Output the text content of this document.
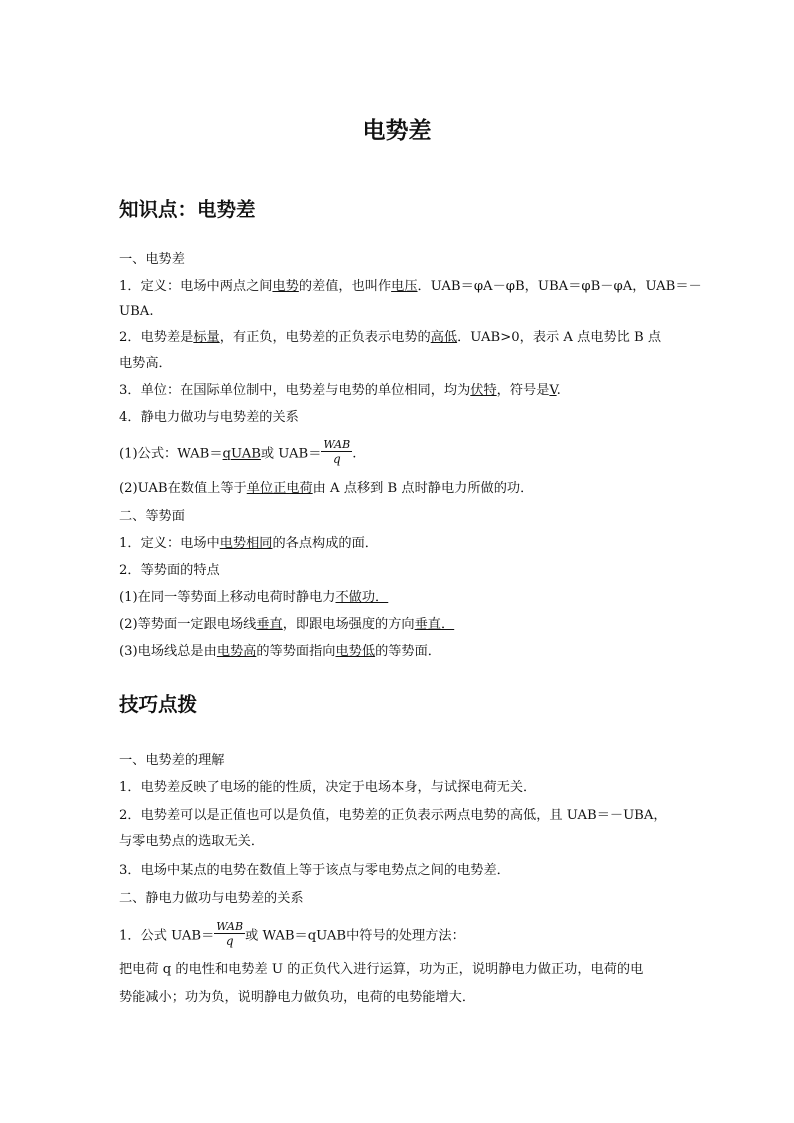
电势差
知识点：电势差
一、电势差
1．定义：电场中两点之间电势的差值，也叫作电压．UAB＝φA－φB，UBA＝φB－φA，UAB＝－
UBA.
2．电势差是标量，有正负，电势差的正负表示电势的高低．UAB>0，表示 A 点电势比 B 点
电势高．
3．单位：在国际单位制中，电势差与电势的单位相同，均为伏特，符号是V.
4．静电力做功与电势差的关系
(1)公式：WAB＝qUAB或 $UAB= \frac{\text{WAB}}{q}$ .
(2)UAB在数值上等于单位正电荷由 A 点移到 B 点时静电力所做的功．
二、等势面
1．定义：电场中电势相同的各点构成的面．
2．等势面的特点
(1)在同一等势面上移动电荷时静电力不做功．
(2)等势面一定跟电场线垂直，即跟电场强度的方向垂直．
(3)电场线总是由电势高的等势面指向电势低的等势面．
技巧点拨
一、电势差的理解
1．电势差反映了电场的能的性质，决定于电场本身，与试探电荷无关．
2．电势差可以是正值也可以是负值，电势差的正负表示两点电势的高低，且 UAB＝－UBA，
与零电势点的选取无关．
3．电场中某点的电势在数值上等于该点与零电势点之间的电势差．
二、静电力做功与电势差的关系
1．公式 $UAB= \frac{\text{WAB}}{q}$ 或 WAB＝qUAB中符号的处理方法：
把电荷 q 的电性和电势差 U 的正负代入进行运算，功为正，说明静电力做正功，电荷的电
势能减小；功为负，说明静电力做负功，电荷的电势能增大．
